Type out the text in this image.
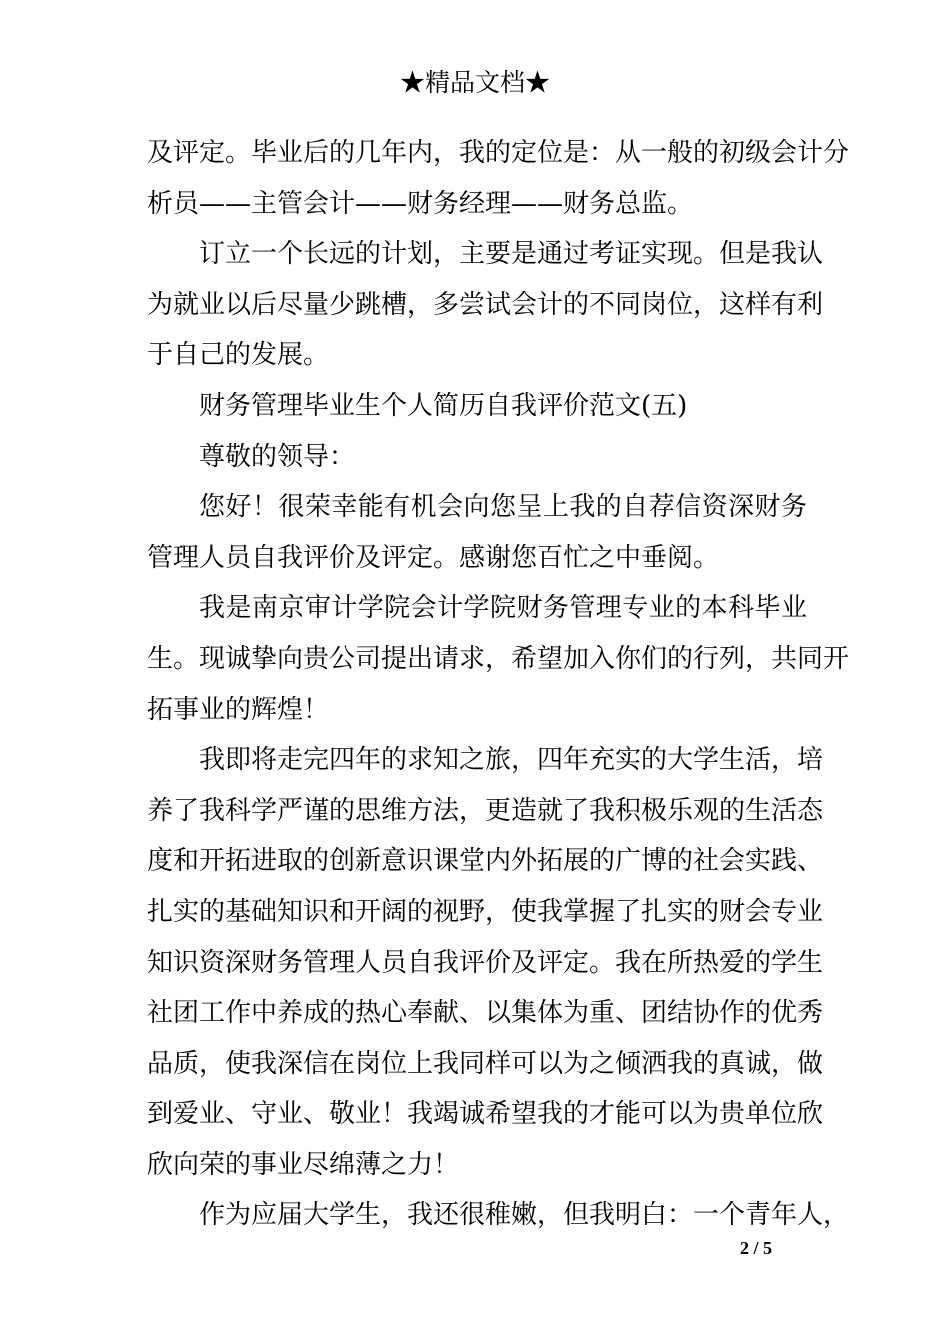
★精品文档★
及评定。毕业后的几年内，我的定位是：从一般的初级会计分
析员——主管会计——财务经理——财务总监。
订立一个长远的计划，主要是通过考证实现。但是我认
为就业以后尽量少跳槽，多尝试会计的不同岗位，这样有利
于自己的发展。
财务管理毕业生个人简历自我评价范文(五)
尊敬的领导：
您好！很荣幸能有机会向您呈上我的自荐信资深财务
管理人员自我评价及评定。感谢您百忙之中垂阅。
我是南京审计学院会计学院财务管理专业的本科毕业
生。现诚挚向贵公司提出请求，希望加入你们的行列，共同开
拓事业的辉煌！
我即将走完四年的求知之旅，四年充实的大学生活，培
养了我科学严谨的思维方法，更造就了我积极乐观的生活态
度和开拓进取的创新意识课堂内外拓展的广博的社会实践、
扎实的基础知识和开阔的视野，使我掌握了扎实的财会专业
知识资深财务管理人员自我评价及评定。我在所热爱的学生
社团工作中养成的热心奉献、以集体为重、团结协作的优秀
品质，使我深信在岗位上我同样可以为之倾洒我的真诚，做
到爱业、守业、敬业！我竭诚希望我的才能可以为贵单位欣
欣向荣的事业尽绵薄之力！
作为应届大学生，我还很稚嫩，但我明白：一个青年人，
2 / 5
